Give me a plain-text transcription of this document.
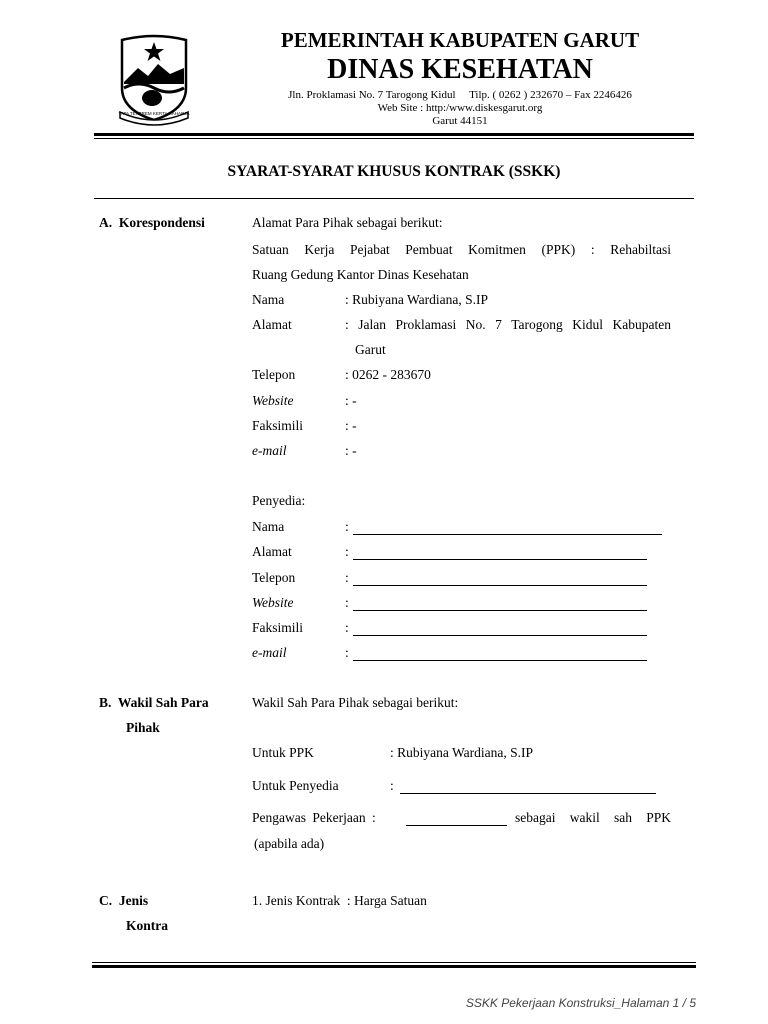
TATA TENTREM KERTA RAHARJA
PEMERINTAH KABUPATEN GARUT
DINAS KESEHATAN
Jln. Proklamasi No. 7 Tarogong Kidul     Tilp. ( 0262 ) 232670 – Fax 2246426
Web Site : http:/www.diskesgarut.org
Garut 44151
SYARAT-SYARAT KHUSUS KONTRAK (SSKK)
A.  Korespondensi	Alamat Para Pihak sebagai berikut:
Satuan Kerja Pejabat Pembuat Komitmen (PPK) : Rehabiltasi
Ruang Gedung Kantor Dinas Kesehatan
Nama	: Rubiyana Wardiana, S.IP
Alamat	: Jalan Proklamasi No. 7 Tarogong Kidul Kabupaten
Garut
Telepon	: 0262 - 283670
Website	: -
Faksimili	: -
e-mail	: -
Penyedia:
Nama	:
Alamat	:
Telepon	:
Website	:
Faksimili	:
e-mail	:
B.  Wakil Sah Para
Pihak
Wakil Sah Para Pihak sebagai berikut:
Untuk PPK	: Rubiyana Wardiana, S.IP
Untuk Penyedia	:
Pengawas Pekerjaan :	sebagai wakil sah PPK
(apabila ada)
C.  Jenis
Kontra
1. Jenis Kontrak  : Harga Satuan
SSKK Pekerjaan Konstruksi_Halaman 1 / 5
